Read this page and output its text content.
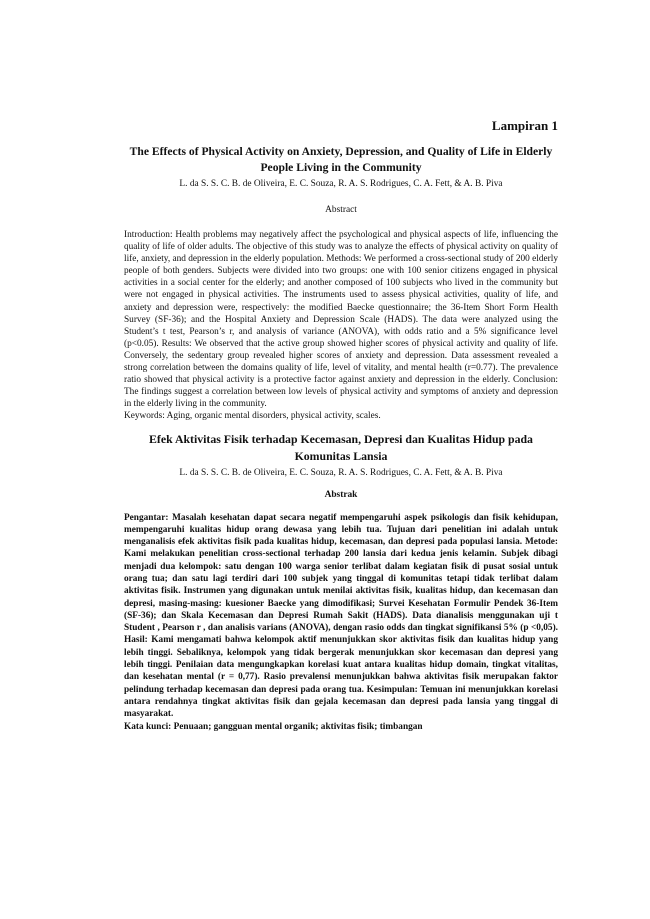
Lampiran 1

The Effects of Physical Activity on Anxiety, Depression, and Quality of Life in Elderly People Living in the Community

L. da S. S. C. B. de Oliveira, E. C. Souza, R. A. S. Rodrigues, C. A. Fett, & A. B. Piva

Abstract

Introduction: Health problems may negatively affect the psychological and physical aspects of life, influencing the quality of life of older adults. The objective of this study was to analyze the effects of physical activity on quality of life, anxiety, and depression in the elderly population. Methods: We performed a cross-sectional study of 200 elderly people of both genders. Subjects were divided into two groups: one with 100 senior citizens engaged in physical activities in a social center for the elderly; and another composed of 100 subjects who lived in the community but were not engaged in physical activities. The instruments used to assess physical activities, quality of life, and anxiety and depression were, respectively: the modified Baecke questionnaire; the 36-Item Short Form Health Survey (SF-36); and the Hospital Anxiety and Depression Scale (HADS). The data were analyzed using the Student’s t test, Pearson’s r, and analysis of variance (ANOVA), with odds ratio and a 5% significance level (p<0.05). Results: We observed that the active group showed higher scores of physical activity and quality of life. Conversely, the sedentary group revealed higher scores of anxiety and depression. Data assessment revealed a strong correlation between the domains quality of life, level of vitality, and mental health (r=0.77). The prevalence ratio showed that physical activity is a protective factor against anxiety and depression in the elderly. Conclusion: The findings suggest a correlation between low levels of physical activity and symptoms of anxiety and depression in the elderly living in the community.

Keywords: Aging, organic mental disorders, physical activity, scales.

Efek Aktivitas Fisik terhadap Kecemasan, Depresi dan Kualitas Hidup pada Komunitas Lansia

L. da S. S. C. B. de Oliveira, E. C. Souza, R. A. S. Rodrigues, C. A. Fett, & A. B. Piva

Abstrak

Pengantar: Masalah kesehatan dapat secara negatif mempengaruhi aspek psikologis dan fisik kehidupan, mempengaruhi kualitas hidup orang dewasa yang lebih tua. Tujuan dari penelitian ini adalah untuk menganalisis efek aktivitas fisik pada kualitas hidup, kecemasan, dan depresi pada populasi lansia. Metode: Kami melakukan penelitian cross-sectional terhadap 200 lansia dari kedua jenis kelamin. Subjek dibagi menjadi dua kelompok: satu dengan 100 warga senior terlibat dalam kegiatan fisik di pusat sosial untuk orang tua; dan satu lagi terdiri dari 100 subjek yang tinggal di komunitas tetapi tidak terlibat dalam aktivitas fisik. Instrumen yang digunakan untuk menilai aktivitas fisik, kualitas hidup, dan kecemasan dan depresi, masing-masing: kuesioner Baecke yang dimodifikasi; Survei Kesehatan Formulir Pendek 36-Item (SF-36); dan Skala Kecemasan dan Depresi Rumah Sakit (HADS). Data dianalisis menggunakan uji t Student , Pearson r , dan analisis varians (ANOVA), dengan rasio odds dan tingkat signifikansi 5% (p <0,05). Hasil: Kami mengamati bahwa kelompok aktif menunjukkan skor aktivitas fisik dan kualitas hidup yang lebih tinggi. Sebaliknya, kelompok yang tidak bergerak menunjukkan skor kecemasan dan depresi yang lebih tinggi. Penilaian data mengungkapkan korelasi kuat antara kualitas hidup domain, tingkat vitalitas, dan kesehatan mental (r = 0,77). Rasio prevalensi menunjukkan bahwa aktivitas fisik merupakan faktor pelindung terhadap kecemasan dan depresi pada orang tua. Kesimpulan: Temuan ini menunjukkan korelasi antara rendahnya tingkat aktivitas fisik dan gejala kecemasan dan depresi pada lansia yang tinggal di masyarakat.

Kata kunci: Penuaan; gangguan mental organik; aktivitas fisik; timbangan
